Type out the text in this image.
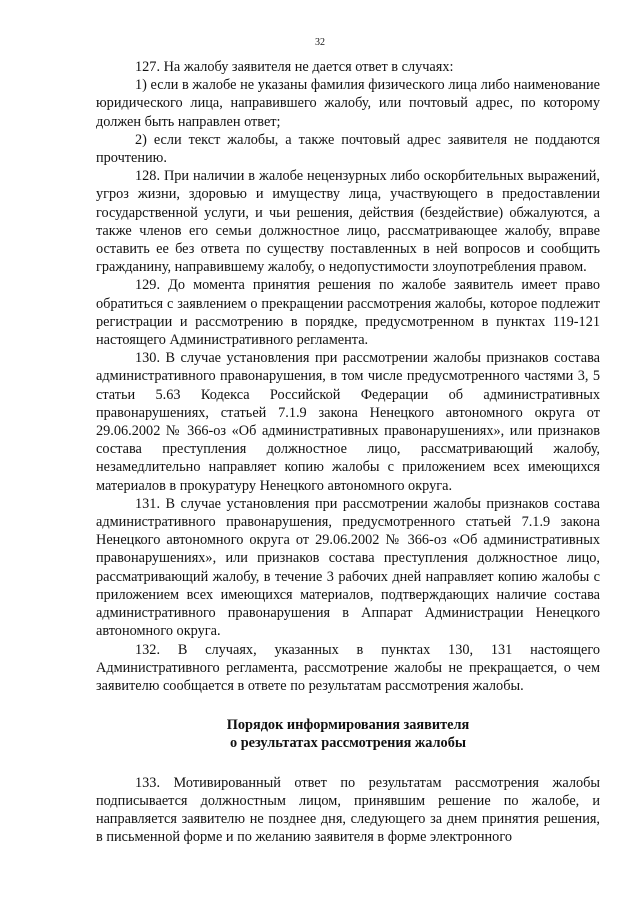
32

127. На жалобу заявителя не дается ответ в случаях:

1) если в жалобе не указаны фамилия физического лица либо наименование юридического лица, направившего жалобу, или почтовый адрес, по которому должен быть направлен ответ;

2) если текст жалобы, а также почтовый адрес заявителя не поддаются прочтению.

128. При наличии в жалобе нецензурных либо оскорбительных выражений, угроз жизни, здоровью и имуществу лица, участвующего в предоставлении государственной услуги, и чьи решения, действия (бездействие) обжалуются, а также членов его семьи должностное лицо, рассматривающее жалобу, вправе оставить ее без ответа по существу поставленных в ней вопросов и сообщить гражданину, направившему жалобу, о недопустимости злоупотребления правом.

129. До момента принятия решения по жалобе заявитель имеет право обратиться с заявлением о прекращении рассмотрения жалобы, которое подлежит регистрации и рассмотрению в порядке, предусмотренном в пунктах 119-121 настоящего Административного регламента.

130. В случае установления при рассмотрении жалобы признаков состава административного правонарушения, в том числе предусмотренного частями 3, 5 статьи 5.63 Кодекса Российской Федерации об административных правонарушениях, статьей 7.1.9 закона Ненецкого автономного округа от 29.06.2002 № 366-оз «Об административных правонарушениях», или признаков состава преступления должностное лицо, рассматривающий жалобу, незамедлительно направляет копию жалобы с приложением всех имеющихся материалов в прокуратуру Ненецкого автономного округа.

131. В случае установления при рассмотрении жалобы признаков состава административного правонарушения, предусмотренного статьей 7.1.9 закона Ненецкого автономного округа от 29.06.2002 № 366-оз «Об административных правонарушениях», или признаков состава преступления должностное лицо, рассматривающий жалобу, в течение 3 рабочих дней направляет копию жалобы с приложением всех имеющихся материалов, подтверждающих наличие состава административного правонарушения в Аппарат Администрации Ненецкого автономного округа.

132. В случаях, указанных в пунктах 130, 131 настоящего Административного регламента, рассмотрение жалобы не прекращается, о чем заявителю сообщается в ответе по результатам рассмотрения жалобы.

Порядок информирования заявителя

о результатах рассмотрения жалобы

133. Мотивированный ответ по результатам рассмотрения жалобы подписывается должностным лицом, принявшим решение по жалобе, и направляется заявителю не позднее дня, следующего за днем принятия решения, в письменной форме и по желанию заявителя в форме электронного
